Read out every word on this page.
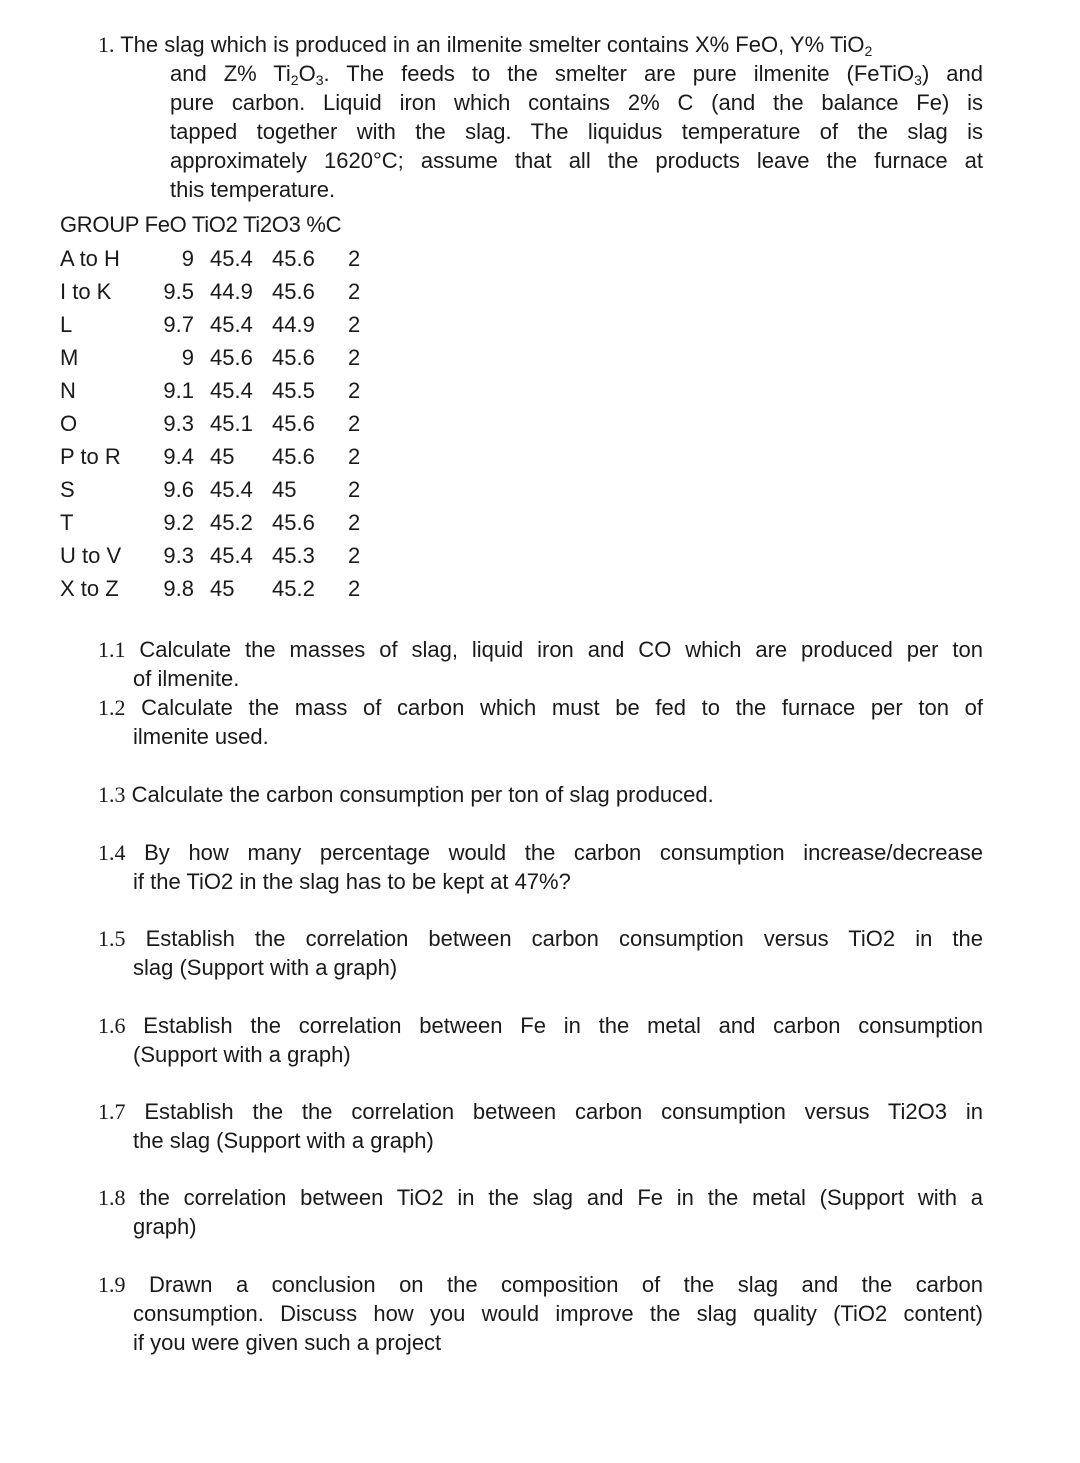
1. The slag which is produced in an ilmenite smelter contains X% FeO, Y% TiO$_2$
and Z% $Ti_2O_3$. The feeds to the smelter are pure ilmenite (FeTiO$_3$) and
pure carbon. Liquid iron which contains 2% C (and the balance Fe) is
tapped together with the slag. The liquidus temperature of the slag is
approximately 1620°C; assume that all the products leave the furnace at
this temperature.
GROUP FeO TiO2 Ti2O3 %C
A to H	9 45.4 45.6 2
I to K 9.5 44.9 45.6 2
L	9.7 45.4 44.9 2
M	9 45.6 45.6 2
N	9.1 45.4 45.5 2
O	9.3 45.1 45.6 2
P to R 9.4 45 45.6 2
S	9.6 45.4 45 2
T	9.2 45.2 45.6 2
U to V 9.3 45.4 45.3 2
X to Z 9.8 45 45.2 2
1.1 Calculate the masses of slag, liquid iron and CO which are produced per ton
of ilmenite.
1.2 Calculate the mass of carbon which must be fed to the furnace per ton of
ilmenite used.
1.3 Calculate the carbon consumption per ton of slag produced.
1.4 By how many percentage would the carbon consumption increase/decrease
if the TiO2 in the slag has to be kept at 47%?
1.5 Establish the correlation between carbon consumption versus TiO2 in the
slag (Support with a graph)
1.6 Establish the correlation between Fe in the metal and carbon consumption
(Support with a graph)
1.7 Establish the the correlation between carbon consumption versus Ti2O3 in
the slag (Support with a graph)
1.8 the correlation between TiO2 in the slag and Fe in the metal (Support with a
graph)
1.9 Drawn a conclusion on the composition of the slag and the carbon
consumption. Discuss how you would improve the slag quality (TiO2 content)
if you were given such a project
